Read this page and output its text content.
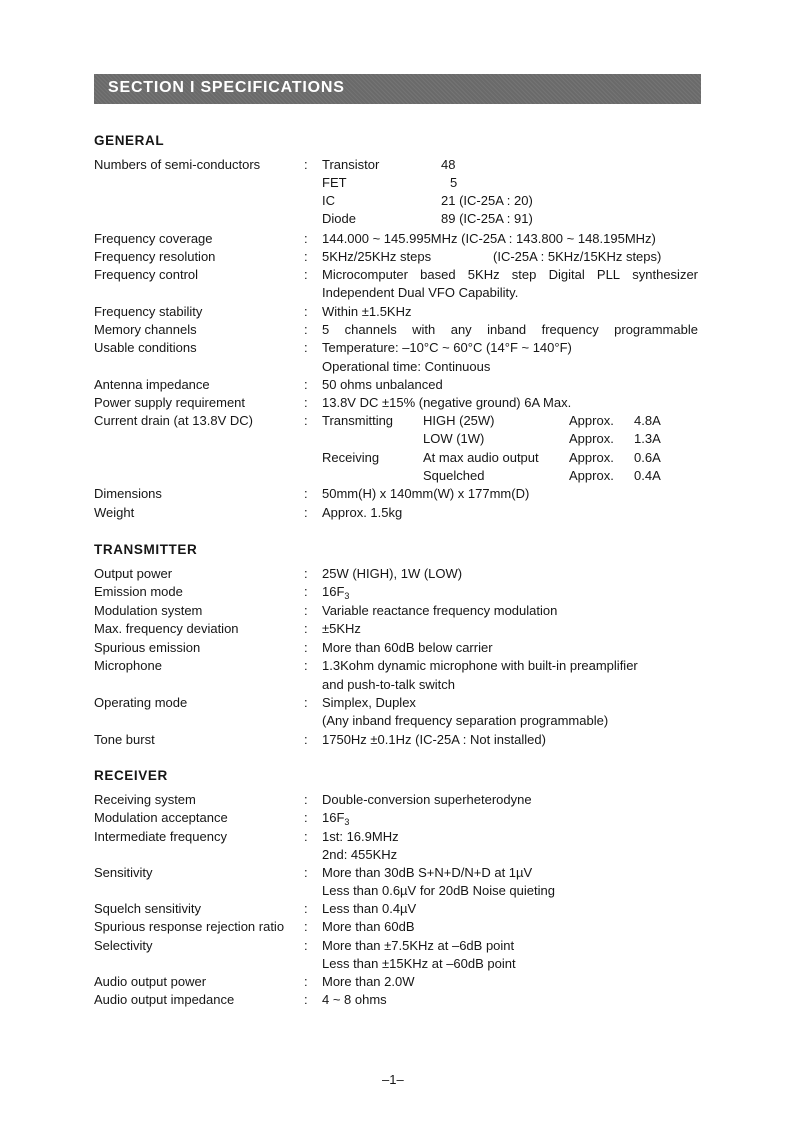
SECTION I SPECIFICATIONS
GENERAL
Numbers of semi-conductors	: Transistor	48
FET	5
IC	21 (IC-25A : 20)
Diode	89 (IC-25A : 91)
Frequency coverage	: 144.000 ~ 145.995MHz (IC-25A : 143.800 ~ 148.195MHz)
Frequency resolution	: 5KHz/25KHz steps	(IC-25A : 5KHz/15KHz steps)
Frequency control	: Microcomputer based 5KHz step Digital PLL synthesizer
Independent Dual VFO Capability.
Frequency stability	: Within ±1.5KHz
Memory channels	: 5 channels with any inband frequency programmable
Usable conditions	: Temperature: –10°C ~ 60°C (14°F ~ 140°F)
Operational time: Continuous
Antenna impedance	: 50 ohms unbalanced
Power supply requirement	: 13.8V DC ±15% (negative ground) 6A Max.
Current drain (at 13.8V DC)	: Transmitting HIGH (25W)	Approx. 4.8A
LOW (1W)	Approx. 1.3A
Receiving	At max audio output Approx. 0.6A
Squelched	Approx. 0.4A
Dimensions	: 50mm(H) x 140mm(W) x 177mm(D)
Weight	: Approx. 1.5kg
TRANSMITTER
Output power	: 25W (HIGH), 1W (LOW)
Emission mode	: $16F_3$
Modulation system	: Variable reactance frequency modulation
Max. frequency deviation	: ±5KHz
Spurious emission	: More than 60dB below carrier
Microphone	: 1.3Kohm dynamic microphone with built-in preamplifier
and push-to-talk switch
Operating mode	: Simplex, Duplex
(Any inband frequency separation programmable)
Tone burst	: 1750Hz ±0.1Hz (IC-25A : Not installed)
RECEIVER
Receiving system	: Double-conversion superheterodyne
Modulation acceptance	: $16F_3$
Intermediate frequency	: 1st: 16.9MHz
2nd: 455KHz
Sensitivity	: More than 30dB S+N+D/N+D at 1µV
Less than 0.6µV for 20dB Noise quieting
Squelch sensitivity	: Less than 0.4µV
Spurious response rejection ratio : More than 60dB
Selectivity	: More than ±7.5KHz at –6dB point
Less than ±15KHz at –60dB point
Audio output power	: More than 2.0W
Audio output impedance	: 4 ~ 8 ohms
–1–
